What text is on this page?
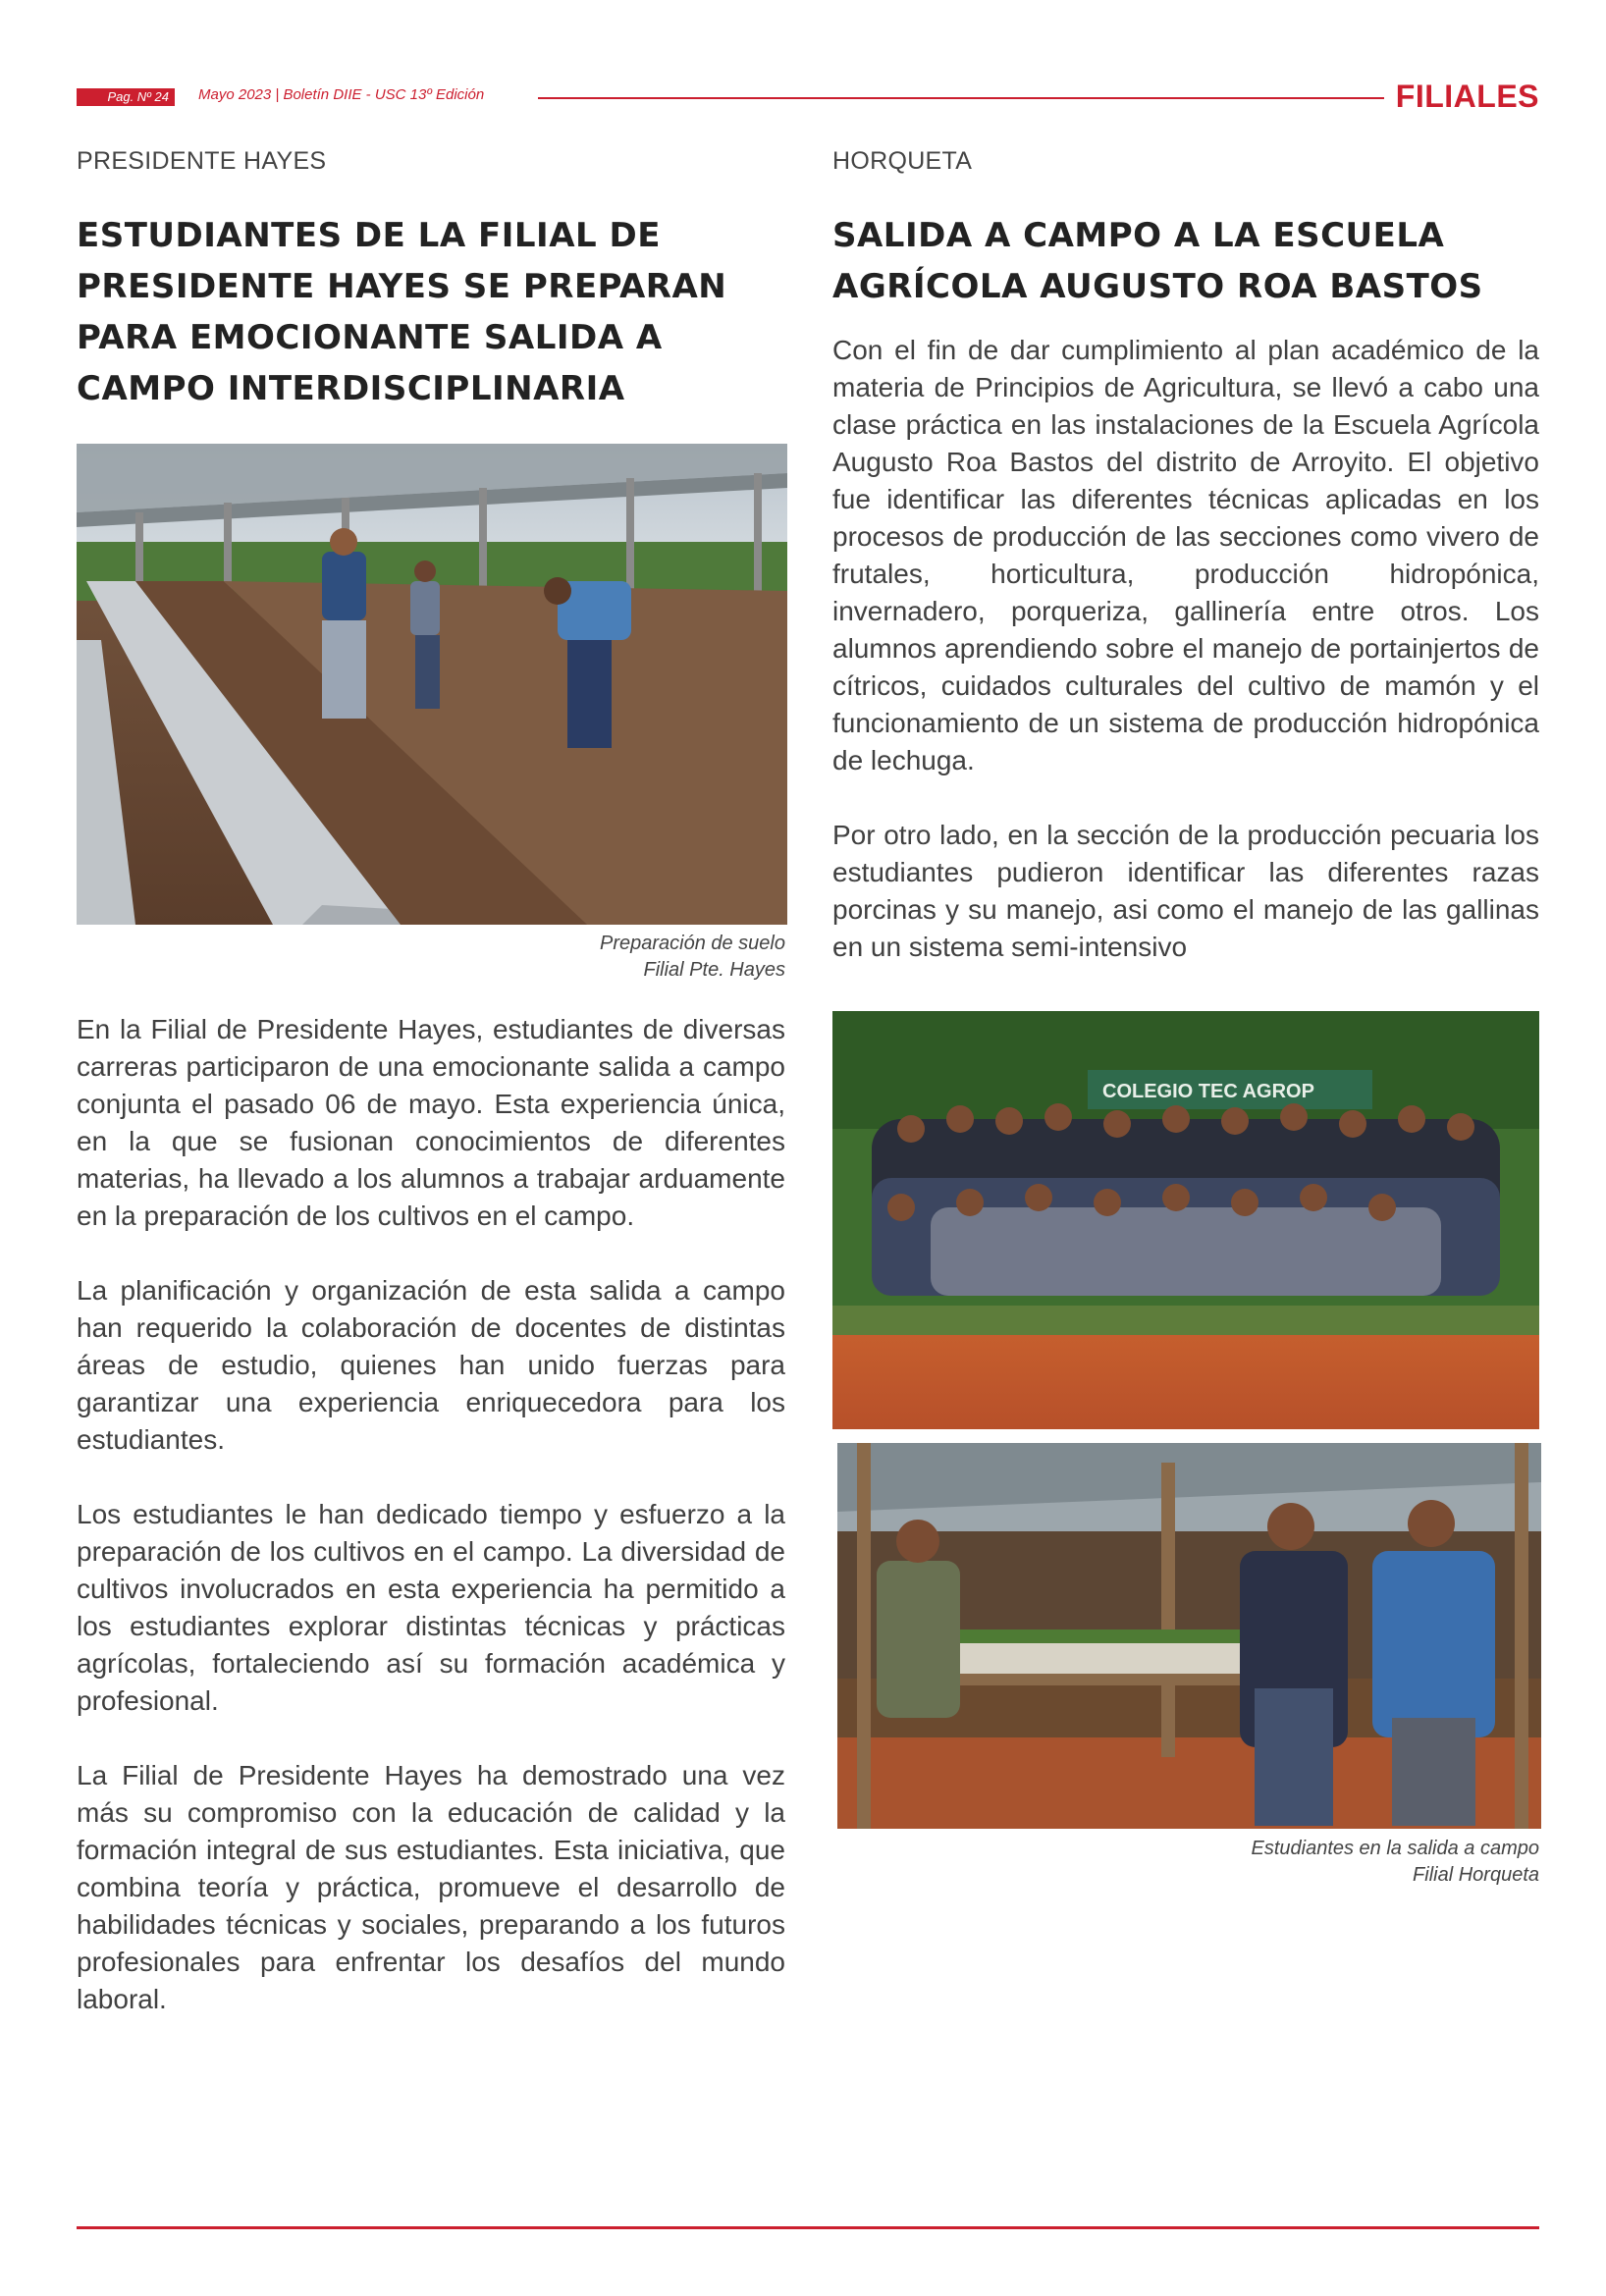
Pag. Nº 24	Mayo 2023 | Boletín DIIE - USC 13º Edición	FILIALES
PRESIDENTE HAYES
ESTUDIANTES DE LA FILIAL DE
PRESIDENTE HAYES SE PREPARAN
PARA EMOCIONANTE SALIDA A
CAMPO INTERDISCIPLINARIA
Preparación de suelo
Filial Pte. Hayes

En la Filial de Presidente Hayes, estudiantes de diversas carreras participaron de una emocionante salida a campo conjunta el pasado 06 de mayo. Esta experiencia única, en la que se fusionan conocimientos de diferentes materias, ha llevado a los alumnos a trabajar arduamente en la preparación de los cultivos en el campo.

La planificación y organización de esta salida a campo han requerido la colaboración de docentes de distintas áreas de estudio, quienes han unido fuerzas para garantizar una experiencia enriquecedora para los estudiantes.

Los estudiantes le han dedicado tiempo y esfuerzo a la preparación de los cultivos en el campo. La diversidad de cultivos involucrados en esta experiencia ha permitido a los estudiantes explorar distintas técnicas y prácticas agrícolas, fortaleciendo así su formación académica y profesional.

La Filial de Presidente Hayes ha demostrado una vez más su compromiso con la educación de calidad y la formación integral de sus estudiantes. Esta iniciativa, que combina teoría y práctica, promueve el desarrollo de habilidades técnicas y sociales, preparando a los futuros profesionales para enfrentar los desafíos del mundo laboral.

HORQUETA
SALIDA A CAMPO A LA ESCUELA
AGRÍCOLA AUGUSTO ROA BASTOS

Con el fin de dar cumplimiento al plan académico de la materia de Principios de Agricultura, se llevó a cabo una clase práctica en las instalaciones de la Escuela Agrícola Augusto Roa Bastos del distrito de Arroyito. El objetivo fue identificar las diferentes técnicas aplicadas en los procesos de producción de las secciones como vivero de frutales, horticultura, producción hidropónica, invernadero, porqueriza, gallinería entre otros. Los alumnos aprendiendo sobre el manejo de portainjertos de cítricos, cuidados culturales del cultivo de mamón y el funcionamiento de un sistema de producción hidropónica de lechuga.

Por otro lado, en la sección de la producción pecuaria los estudiantes pudieron identificar las diferentes razas porcinas y su manejo, asi como el manejo de las gallinas en un sistema semi-intensivo

COLEGIO TEC AGROP
Estudiantes en la salida a campo
Filial Horqueta
